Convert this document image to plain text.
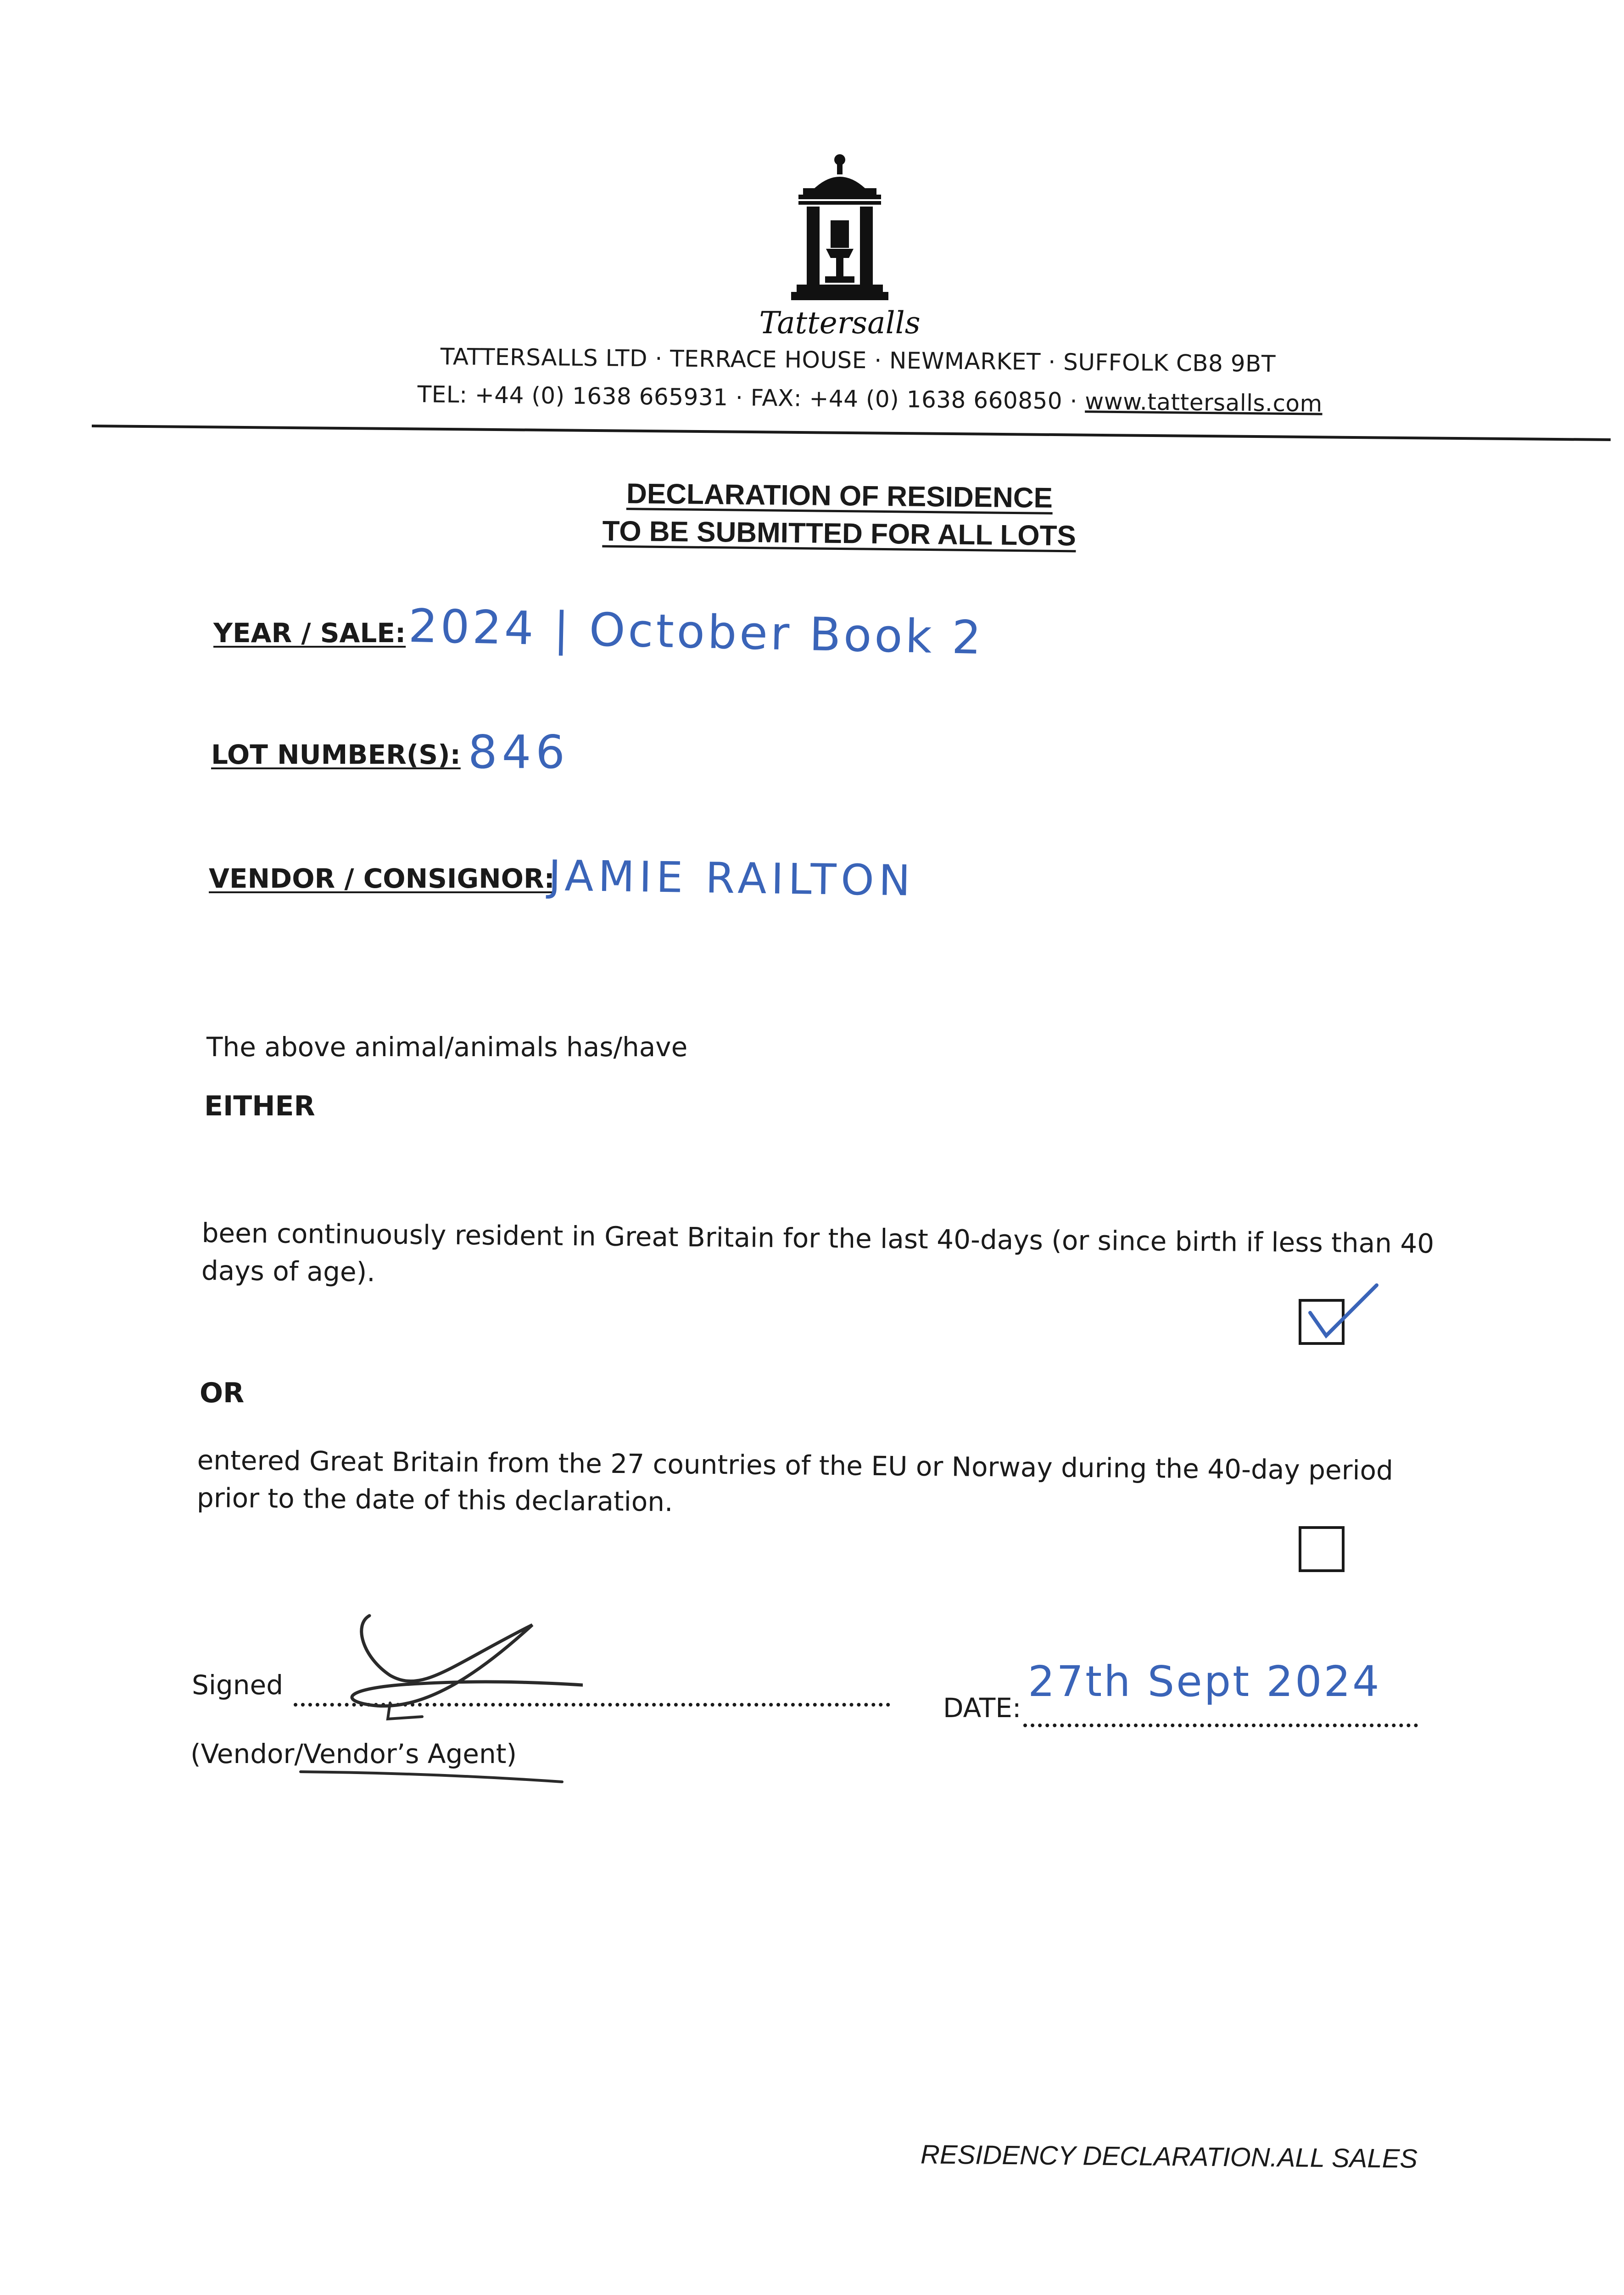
Tattersalls
TATTERSALLS LTD · TERRACE HOUSE · NEWMARKET · SUFFOLK CB8 9BT
TEL: +44 (0) 1638 665931 · FAX: +44 (0) 1638 660850 · www.tattersalls.com
DECLARATION OF RESIDENCE
TO BE SUBMITTED FOR ALL LOTS
YEAR / SALE: 2024 | October Book 2
LOT NUMBER(S): 846
VENDOR / CONSIGNOR:
JAMIE RAILTON
The above animal/animals has/have
EITHER
been continuously resident in Great Britain for the last 40-days (or since birth if less than 40
days of age).
OR
entered Great Britain from the 27 countries of the EU or Norway during the 40-day period
prior to the date of this declaration.
Signed
(Vendor/Vendor’s Agent)
DATE:
27th Sept 2024
RESIDENCY DECLARATION.ALL SALES
